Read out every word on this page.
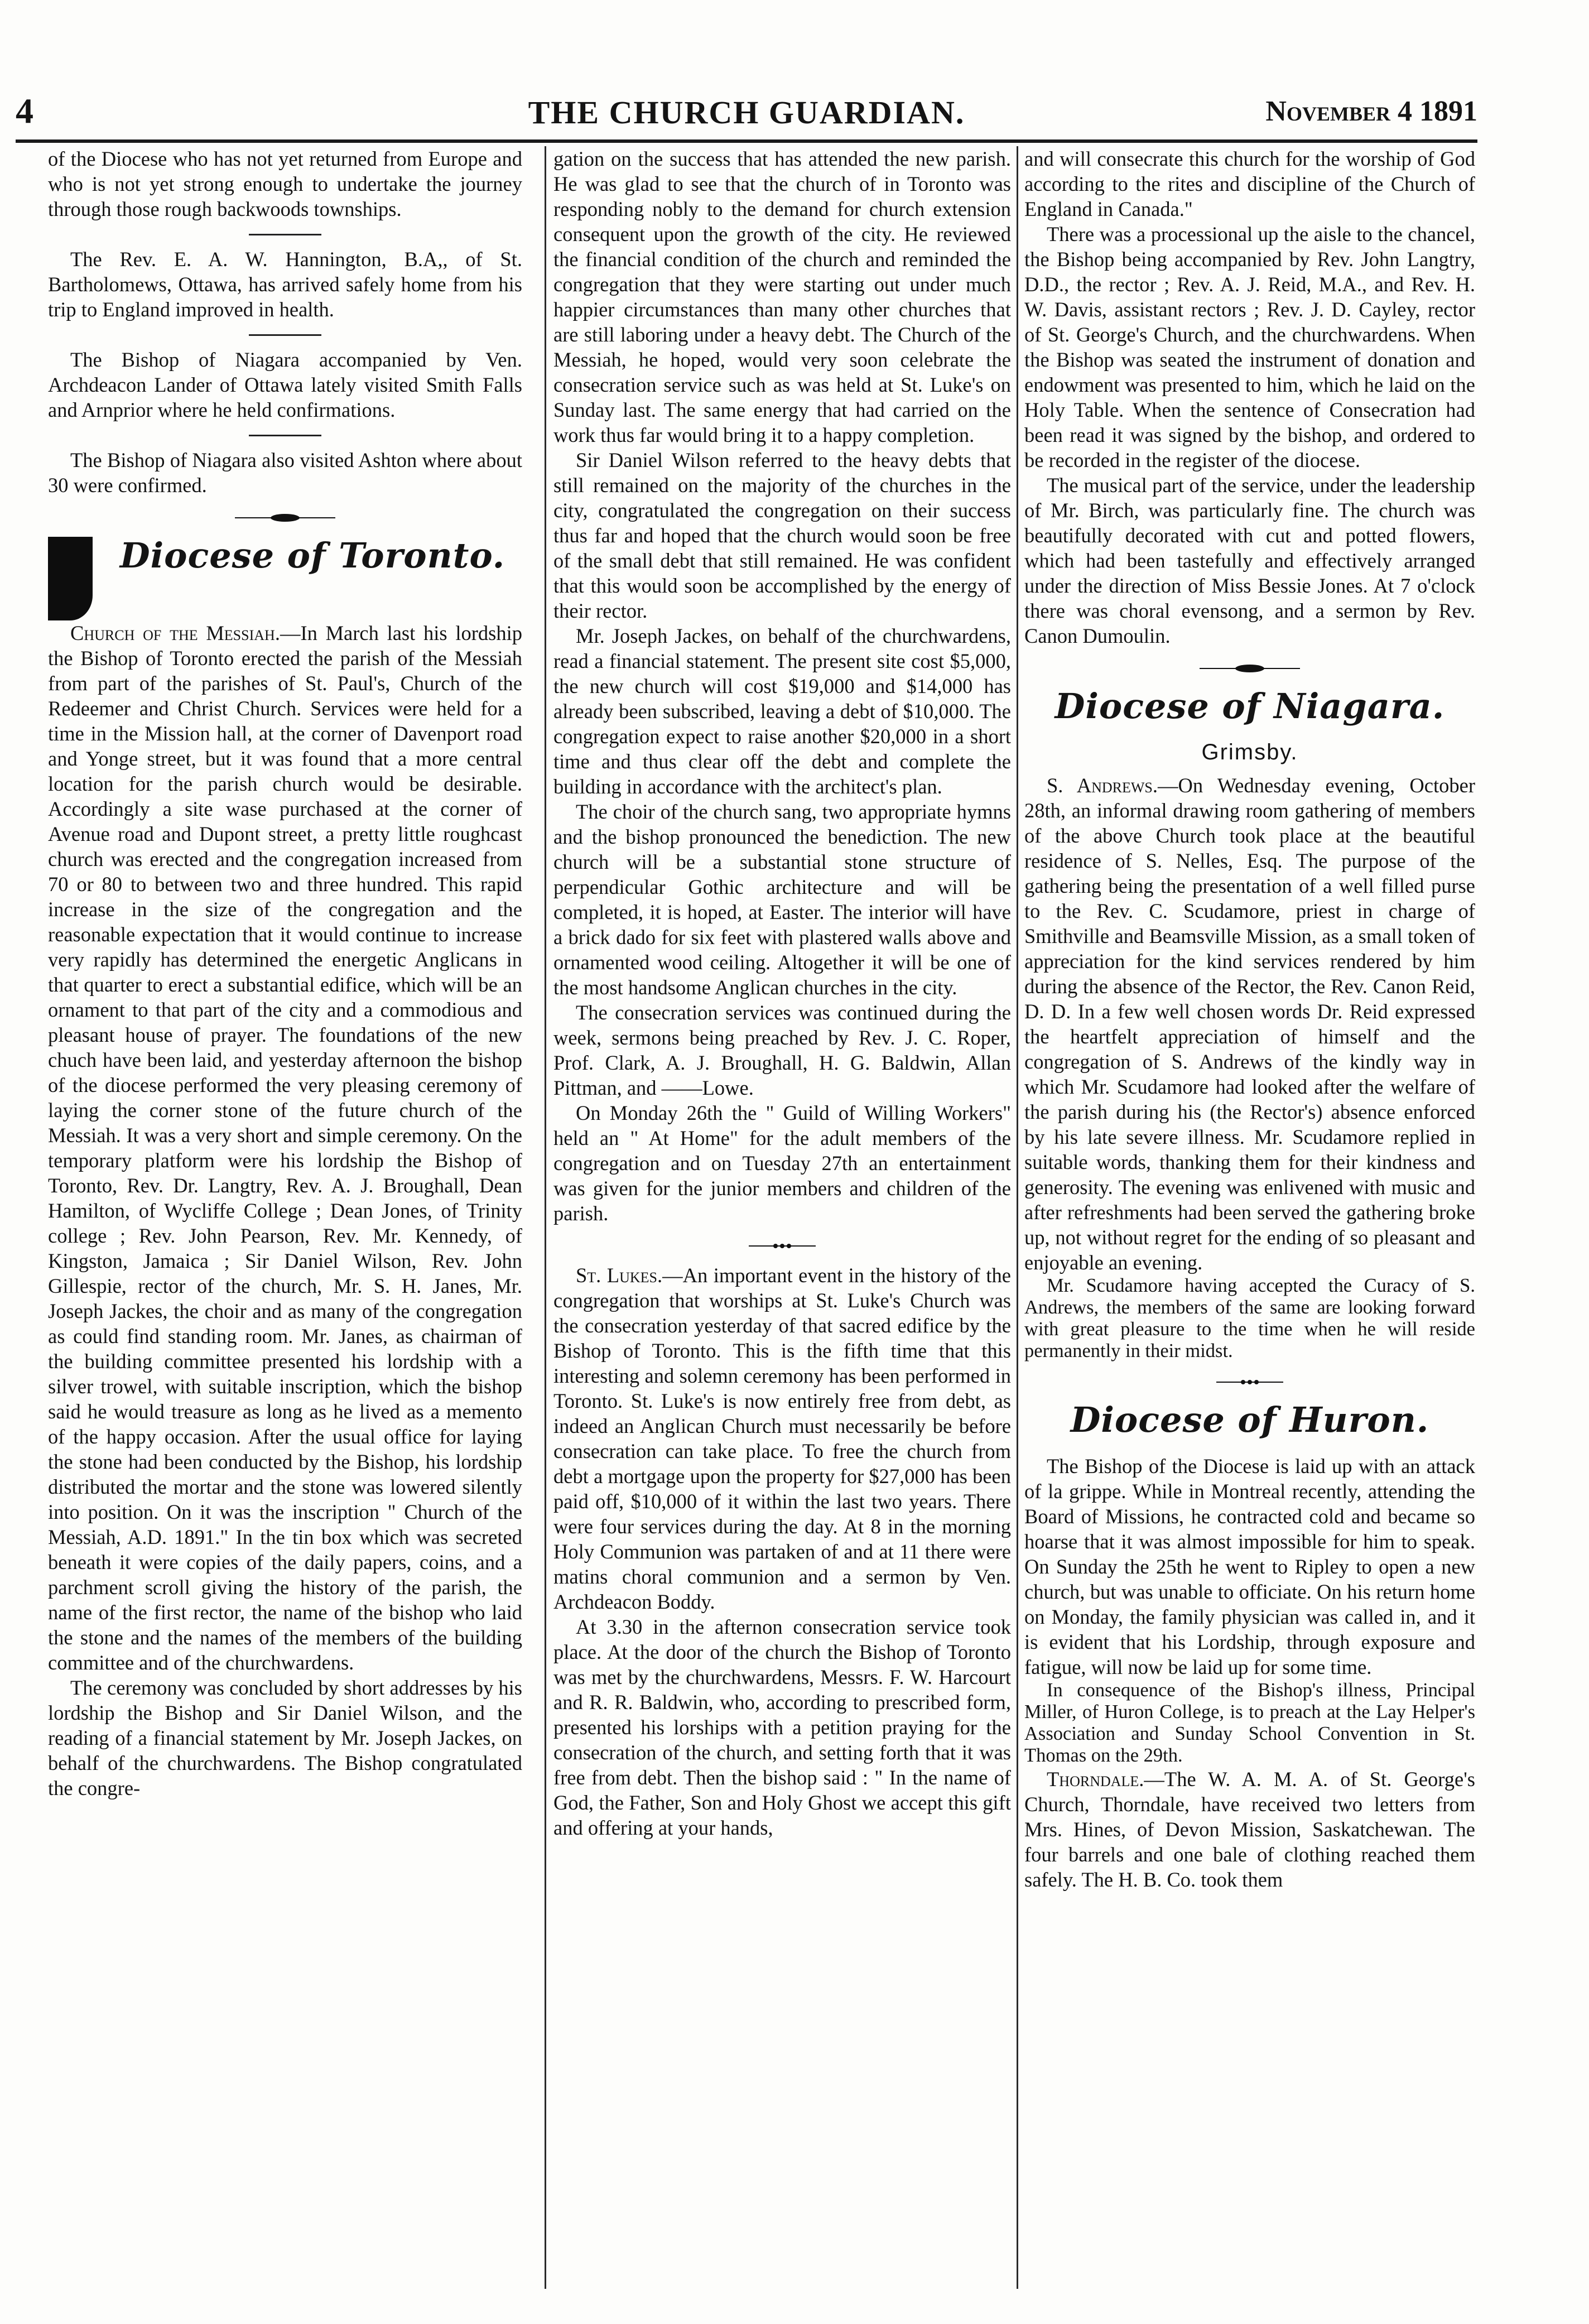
4	THE CHURCH GUARDIAN.	November 4 1891

of the Diocese who has not yet returned from Europe and who is not yet strong enough to undertake the journey through those rough backwoods townships.

The Rev. E. A. W. Hannington, B.A,, of St. Bartholomews, Ottawa, has arrived safely home from his trip to England improved in health.

The Bishop of Niagara accompanied by Ven. Archdeacon Lander of Ottawa lately visited Smith Falls and Arnprior where he held confirmations.

The Bishop of Niagara also visited Ashton where about 30 were confirmed.

Diocese of Toronto.

Church of the Messiah.—In March last his lordship the Bishop of Toronto erected the parish of the Messiah from part of the parishes of St. Paul's, Church of the Redeemer and Christ Church. Services were held for a time in the Mission hall, at the corner of Davenport road and Yonge street, but it was found that a more central location for the parish church would be desirable. Accordingly a site wase purchased at the corner of Avenue road and Dupont street, a pretty little roughcast church was erected and the congregation increased from 70 or 80 to between two and three hundred. This rapid increase in the size of the congregation and the reasonable expectation that it would continue to increase very rapidly has determined the energetic Anglicans in that quarter to erect a substantial edifice, which will be an ornament to that part of the city and a commodious and pleasant house of prayer. The foundations of the new chuch have been laid, and yesterday afternoon the bishop of the diocese performed the very pleasing ceremony of laying the corner stone of the future church of the Messiah. It was a very short and simple ceremony. On the temporary platform were his lordship the Bishop of Toronto, Rev. Dr. Langtry, Rev. A. J. Broughall, Dean Hamilton, of Wycliffe College ; Dean Jones, of Trinity college ; Rev. John Pearson, Rev. Mr. Kennedy, of Kingston, Jamaica ; Sir Daniel Wilson, Rev. John Gillespie, rector of the church, Mr. S. H. Janes, Mr. Joseph Jackes, the choir and as many of the congregation as could find standing room. Mr. Janes, as chairman of the building committee presented his lordship with a silver trowel, with suitable inscription, which the bishop said he would treasure as long as he lived as a memento of the happy occasion. After the usual office for laying the stone had been conducted by the Bishop, his lordship distributed the mortar and the stone was lowered silently into position. On it was the inscription " Church of the Messiah, A.D. 1891." In the tin box which was secreted beneath it were copies of the daily papers, coins, and a parchment scroll giving the history of the parish, the name of the first rector, the name of the bishop who laid the stone and the names of the members of the building committee and of the churchwardens.

The ceremony was concluded by short addresses by his lordship the Bishop and Sir Daniel Wilson, and the reading of a financial statement by Mr. Joseph Jackes, on behalf of the churchwardens. The Bishop congratulated the congre-

gation on the success that has attended the new parish. He was glad to see that the church of in Toronto was responding nobly to the demand for church extension consequent upon the growth of the city. He reviewed the financial condition of the church and reminded the congregation that they were starting out under much happier circumstances than many other churches that are still laboring under a heavy debt. The Church of the Messiah, he hoped, would very soon celebrate the consecration service such as was held at St. Luke's on Sunday last. The same energy that had carried on the work thus far would bring it to a happy completion.

Sir Daniel Wilson referred to the heavy debts that still remained on the majority of the churches in the city, congratulated the congregation on their success thus far and hoped that the church would soon be free of the small debt that still remained. He was confident that this would soon be accomplished by the energy of their rector.

Mr. Joseph Jackes, on behalf of the churchwardens, read a financial statement. The present site cost $5,000, the new church will cost $19,000 and $14,000 has already been subscribed, leaving a debt of $10,000. The congregation expect to raise another $20,000 in a short time and thus clear off the debt and complete the building in accordance with the architect's plan.

The choir of the church sang, two appropriate hymns and the bishop pronounced the benediction. The new church will be a substantial stone structure of perpendicular Gothic architecture and will be completed, it is hoped, at Easter. The interior will have a brick dado for six feet with plastered walls above and ornamented wood ceiling. Altogether it will be one of the most handsome Anglican churches in the city.

The consecration services was continued during the week, sermons being preached by Rev. J. C. Roper, Prof. Clark, A. J. Broughall, H. G. Baldwin, Allan Pittman, and ——Lowe.

On Monday 26th the " Guild of Willing Workers" held an " At Home" for the adult members of the congregation and on Tuesday 27th an entertainment was given for the junior members and children of the parish.

St. Lukes.—An important event in the history of the congregation that worships at St. Luke's Church was the consecration yesterday of that sacred edifice by the Bishop of Toronto. This is the fifth time that this interesting and solemn ceremony has been performed in Toronto. St. Luke's is now entirely free from debt, as indeed an Anglican Church must necessarily be before consecration can take place. To free the church from debt a mortgage upon the property for $27,000 has been paid off, $10,000 of it within the last two years. There were four services during the day. At 8 in the morning Holy Communion was partaken of and at 11 there were matins choral communion and a sermon by Ven. Archdeacon Boddy.

At 3.30 in the afternon consecration service took place. At the door of the church the Bishop of Toronto was met by the churchwardens, Messrs. F. W. Harcourt and R. R. Baldwin, who, according to prescribed form, presented his lorships with a petition praying for the consecration of the church, and setting forth that it was free from debt. Then the bishop said : " In the name of God, the Father, Son and Holy Ghost we accept this gift and offering at your hands,

and will consecrate this church for the worship of God according to the rites and discipline of the Church of England in Canada."

There was a processional up the aisle to the chancel, the Bishop being accompanied by Rev. John Langtry, D.D., the rector ; Rev. A. J. Reid, M.A., and Rev. H. W. Davis, assistant rectors ; Rev. J. D. Cayley, rector of St. George's Church, and the churchwardens. When the Bishop was seated the instrument of donation and endowment was presented to him, which he laid on the Holy Table. When the sentence of Consecration had been read it was signed by the bishop, and ordered to be recorded in the register of the diocese.

The musical part of the service, under the leadership of Mr. Birch, was particularly fine. The church was beautifully decorated with cut and potted flowers, which had been tastefully and effectively arranged under the direction of Miss Bessie Jones. At 7 o'clock there was choral evensong, and a sermon by Rev. Canon Dumoulin.

Diocese of Niagara.
Grimsby.

S. Andrews.—On Wednesday evening, October 28th, an informal drawing room gathering of members of the above Church took place at the beautiful residence of S. Nelles, Esq. The purpose of the gathering being the presentation of a well filled purse to the Rev. C. Scudamore, priest in charge of Smithville and Beamsville Mission, as a small token of appreciation for the kind services rendered by him during the absence of the Rector, the Rev. Canon Reid, D. D. In a few well chosen words Dr. Reid expressed the heartfelt appreciation of himself and the congregation of S. Andrews of the kindly way in which Mr. Scudamore had looked after the welfare of the parish during his (the Rector's) absence enforced by his late severe illness. Mr. Scudamore replied in suitable words, thanking them for their kindness and generosity. The evening was enlivened with music and after refreshments had been served the gathering broke up, not without regret for the ending of so pleasant and enjoyable an evening.

Mr. Scudamore having accepted the Curacy of S. Andrews, the members of the same are looking forward with great pleasure to the time when he will reside permanently in their midst.

Diocese of Huron.

The Bishop of the Diocese is laid up with an attack of la grippe. While in Montreal recently, attending the Board of Missions, he contracted cold and became so hoarse that it was almost impossible for him to speak. On Sunday the 25th he went to Ripley to open a new church, but was unable to officiate. On his return home on Monday, the family physician was called in, and it is evident that his Lordship, through exposure and fatigue, will now be laid up for some time.

In consequence of the Bishop's illness, Principal Miller, of Huron College, is to preach at the Lay Helper's Association and Sunday School Convention in St. Thomas on the 29th.

Thorndale.—The W. A. M. A. of St. George's Church, Thorndale, have received two letters from Mrs. Hines, of Devon Mission, Saskatchewan. The four barrels and one bale of clothing reached them safely. The H. B. Co. took them
